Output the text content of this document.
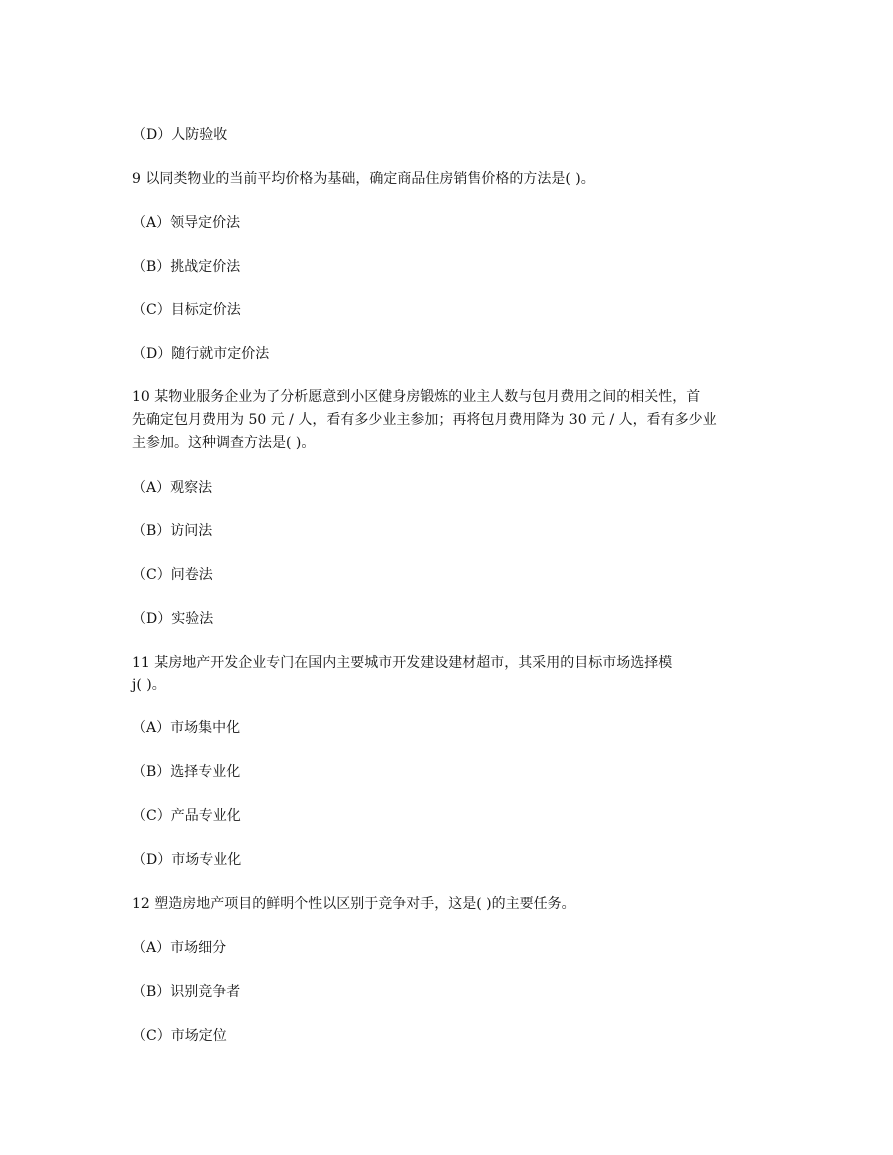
（D）人防验收

9 以同类物业的当前平均价格为基础，确定商品住房销售价格的方法是( )。

（A）领导定价法

（B）挑战定价法

（C）目标定价法

（D）随行就市定价法

10 某物业服务企业为了分析愿意到小区健身房锻炼的业主人数与包月费用之间的相关性，首

先确定包月费用为 50 元 / 人，看有多少业主参加；再将包月费用降为 30 元 / 人，看有多少业

主参加。这种调查方法是( )。

（A）观察法

（B）访问法

（C）问卷法

（D）实验法

11 某房地产开发企业专门在国内主要城市开发建设建材超市，其采用的目标市场选择模

j( )。

（A）市场集中化

（B）选择专业化

（C）产品专业化

（D）市场专业化

12 塑造房地产项目的鲜明个性以区别于竞争对手，这是( )的主要任务。

（A）市场细分

（B）识别竞争者

（C）市场定位
